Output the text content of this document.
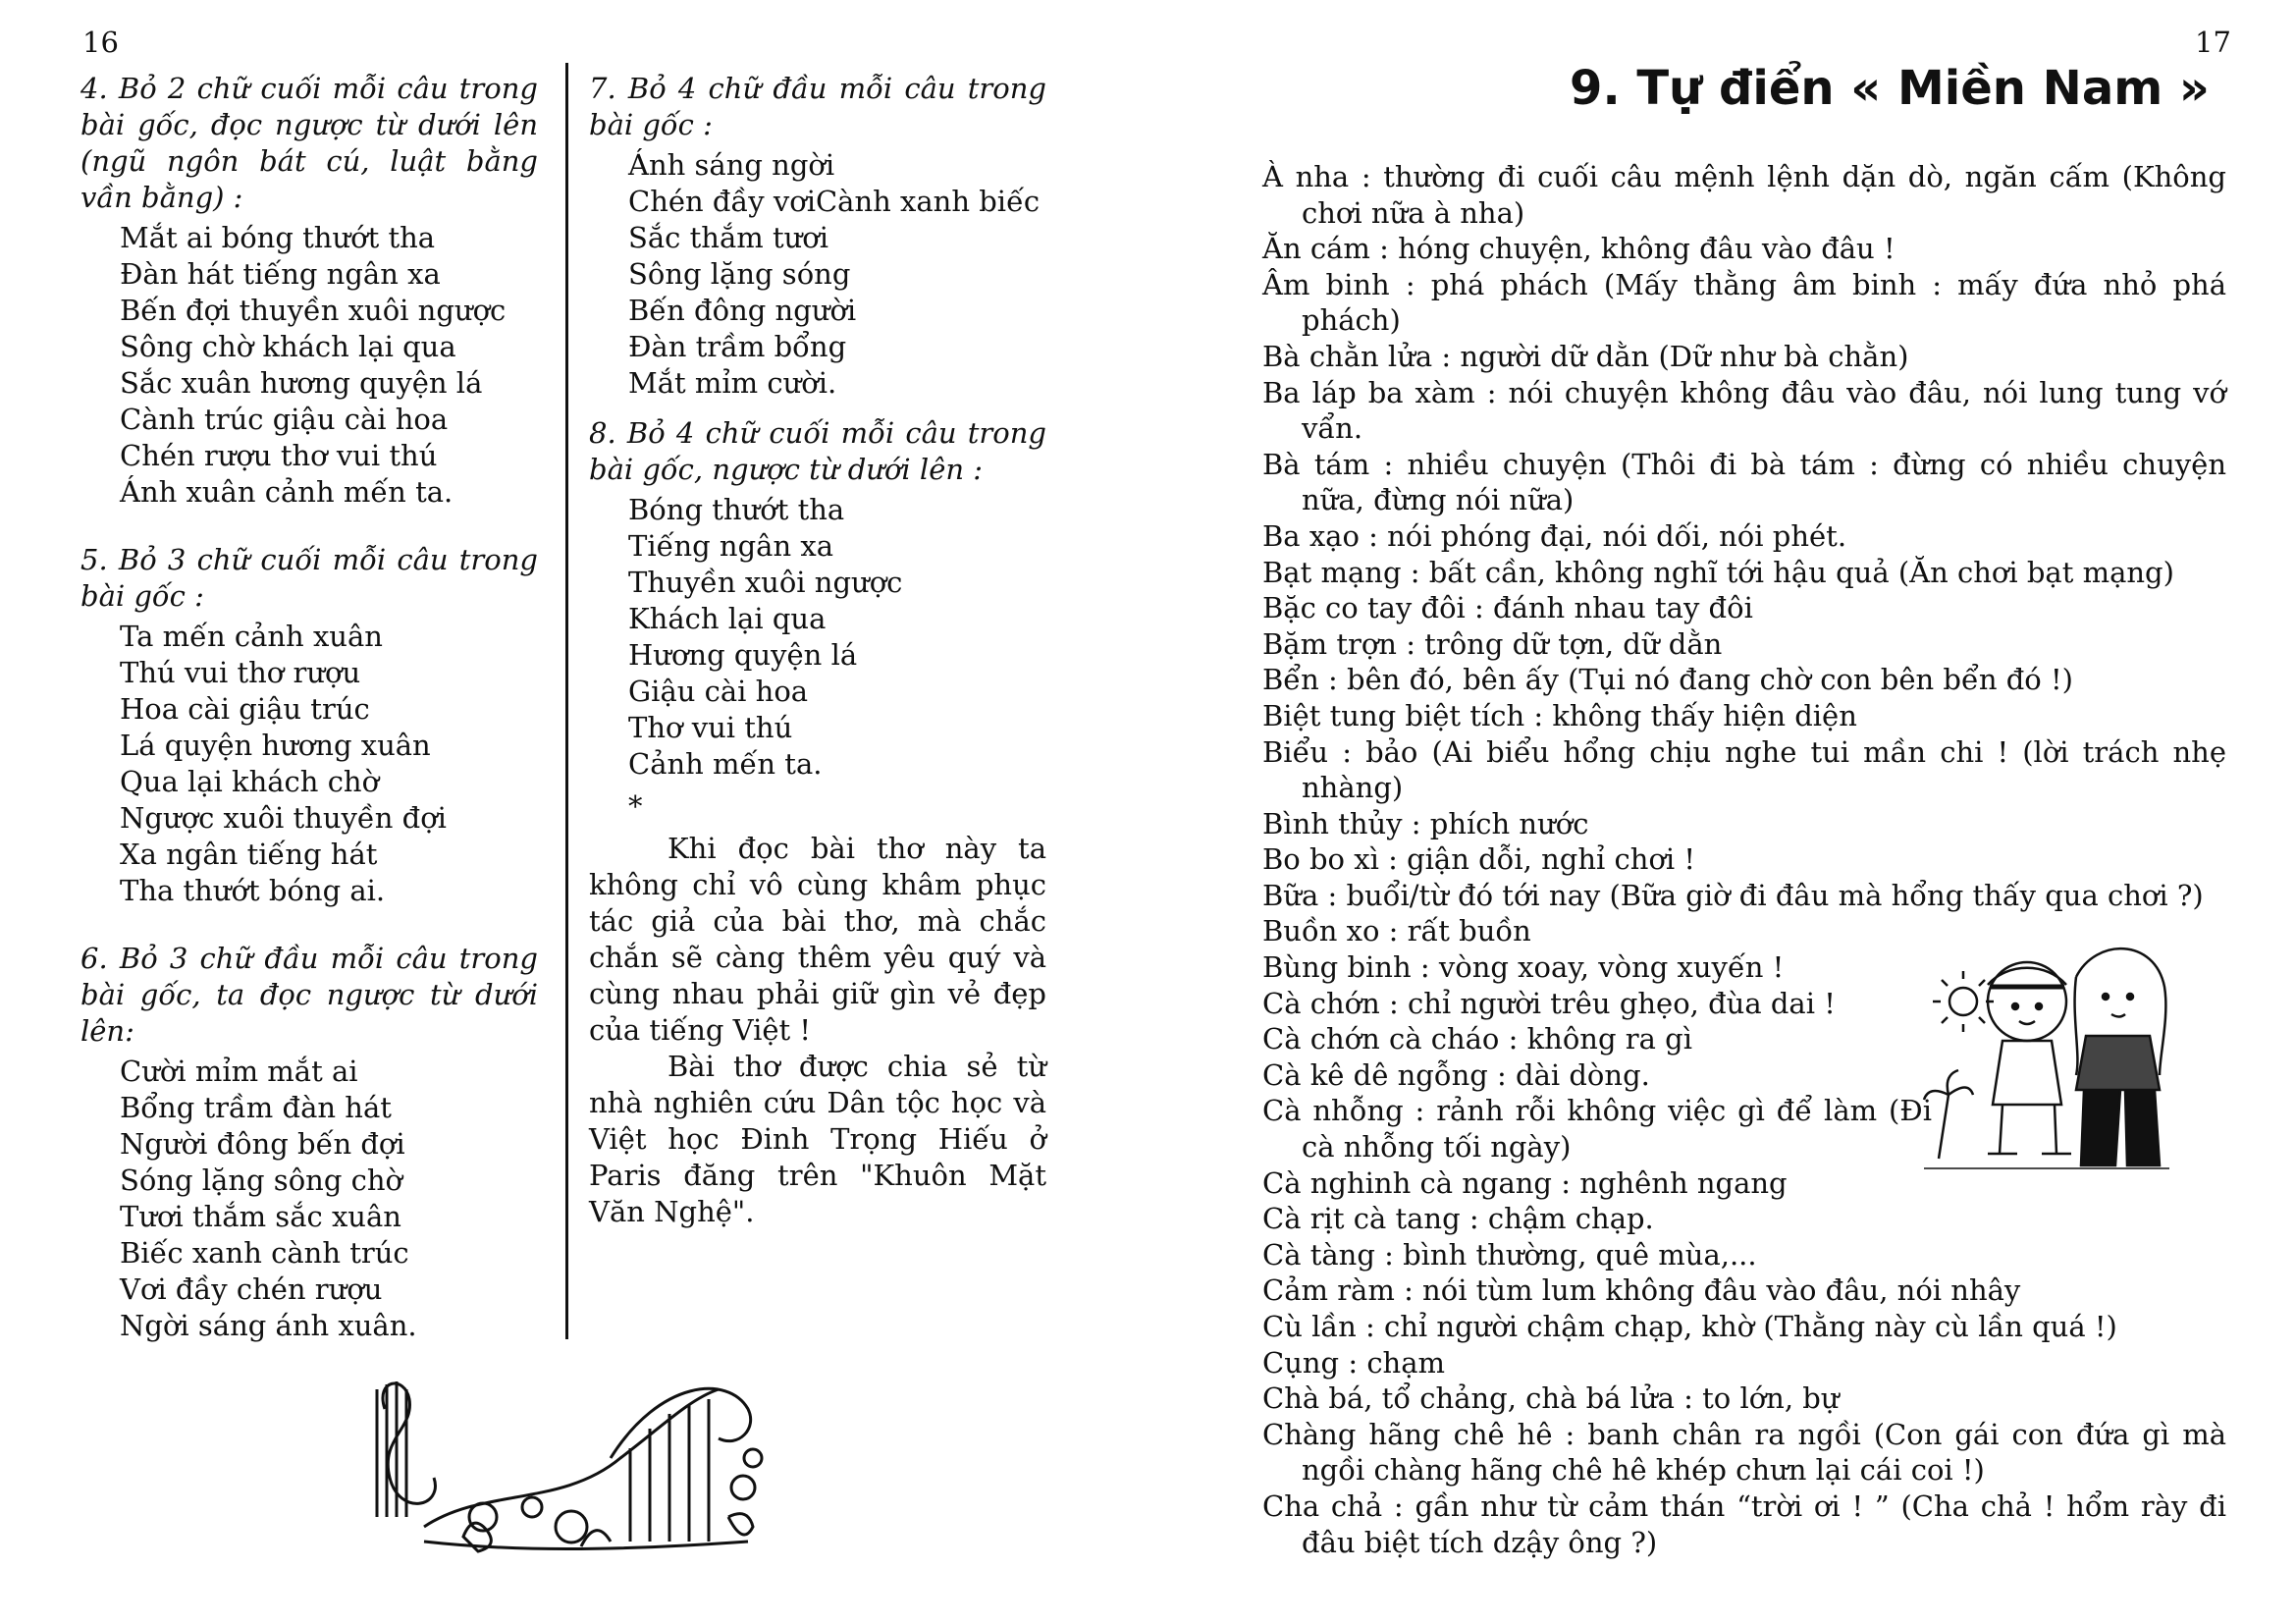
16

4. Bỏ 2 chữ cuối mỗi câu trong bài gốc, đọc ngược từ dưới lên (ngũ ngôn bát cú, luật bằng vần bằng) :

Mắt ai bóng thướt tha
Đàn hát tiếng ngân xa
Bến đợi thuyền xuôi ngược
Sông chờ khách lại qua
Sắc xuân hương quyện lá
Cành trúc giậu cài hoa
Chén rượu thơ vui thú
Ánh xuân cảnh mến ta.

5. Bỏ 3 chữ cuối mỗi câu trong bài gốc :

Ta mến cảnh xuân
Thú vui thơ rượu
Hoa cài giậu trúc
Lá quyện hương xuân
Qua lại khách chờ
Ngược xuôi thuyền đợi
Xa ngân tiếng hát
Tha thướt bóng ai.

6. Bỏ 3 chữ đầu mỗi câu trong bài gốc, ta đọc ngược từ dưới lên:

Cười mỉm mắt ai
Bổng trầm đàn hát
Người đông bến đợi
Sóng lặng sông chờ
Tươi thắm sắc xuân
Biếc xanh cành trúc
Vơi đầy chén rượu
Ngời sáng ánh xuân.

7. Bỏ 4 chữ đầu mỗi câu trong bài gốc :

Ánh sáng ngời
Chén đầy vơiCành xanh biếc
Sắc thắm tươi
Sông lặng sóng
Bến đông người
Đàn trầm bổng
Mắt mỉm cười.

8. Bỏ 4 chữ cuối mỗi câu trong bài gốc, ngược từ dưới lên :

Bóng thướt tha
Tiếng ngân xa
Thuyền xuôi ngược
Khách lại qua
Hương quyện lá
Giậu cài hoa
Thơ vui thú
Cảnh mến ta.
*

Khi đọc bài thơ này ta không chỉ vô cùng khâm phục tác giả của bài thơ, mà chắc chắn sẽ càng thêm yêu quý và cùng nhau phải giữ gìn vẻ đẹp của tiếng Việt !

Bài thơ được chia sẻ từ nhà nghiên cứu Dân tộc học và Việt học Đinh Trọng Hiếu ở Paris đăng trên "Khuôn Mặt Văn Nghệ".

17
9. Tự điển « Miền Nam »
À nha : thường đi cuối câu mệnh lệnh dặn dò, ngăn cấm (Không chơi nữa à nha)
Ăn cám : hóng chuyện, không đâu vào đâu !
Âm binh : phá phách (Mấy thằng âm binh : mấy đứa nhỏ phá phách)
Bà chằn lửa : người dữ dằn (Dữ như bà chằn)
Ba láp ba xàm : nói chuyện không đâu vào đâu, nói lung tung vớ vẩn.
Bà tám : nhiều chuyện (Thôi đi bà tám : đừng có nhiều chuyện nữa, đừng nói nữa)
Ba xạo : nói phóng đại, nói dối, nói phét.
Bạt mạng : bất cần, không nghĩ tới hậu quả (Ăn chơi bạt mạng)
Bặc co tay đôi : đánh nhau tay đôi
Bặm trợn : trông dữ tợn, dữ dằn
Bển : bên đó, bên ấy (Tụi nó đang chờ con bên bển đó !)
Biệt tung biệt tích : không thấy hiện diện
Biểu : bảo (Ai biểu hổng chịu nghe tui mần chi ! (lời trách nhẹ nhàng)
Bình thủy : phích nước
Bo bo xì : giận dỗi, nghỉ chơi !
Bữa : buổi/từ đó tới nay (Bữa giờ đi đâu mà hổng thấy qua chơi ?)
Buồn xo : rất buồn
Bùng binh : vòng xoay, vòng xuyến !
Cà chớn : chỉ người trêu ghẹo, đùa dai !
Cà chớn cà cháo : không ra gì
Cà kê dê ngỗng : dài dòng.
Cà nhỗng : rảnh rỗi không việc gì để làm (Đi cà nhỗng tối ngày)
Cà nghinh cà ngang : nghênh ngang
Cà rịt cà tang : chậm chạp.
Cà tàng : bình thường, quê mùa,...
Cảm ràm : nói tùm lum không đâu vào đâu, nói nhây
Cù lần : chỉ người chậm chạp, khờ (Thằng này cù lần quá !)
Cụng : chạm
Chà bá, tổ chảng, chà bá lửa : to lớn, bự
Chàng hãng chê hê : banh chân ra ngồi (Con gái con đứa gì mà ngồi chàng hãng chê hê khép chưn lại cái coi !)
Cha chả : gần như từ cảm thán “trời ơi ! ” (Cha chả ! hổm rày đi đâu biệt tích dzậy ông ?)
